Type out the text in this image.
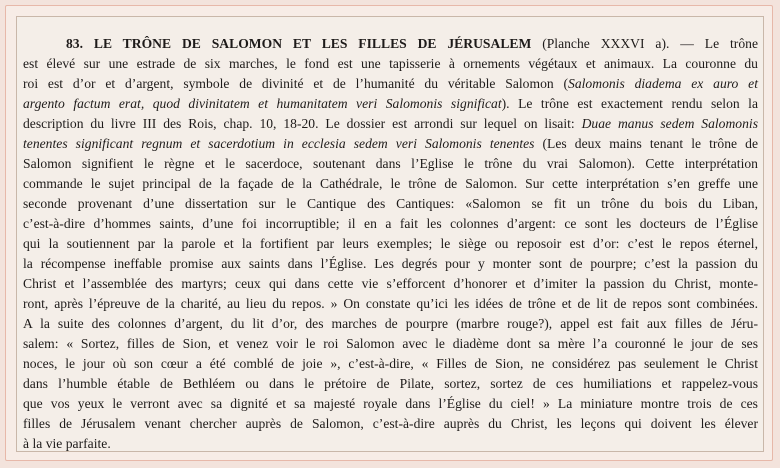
83. LE TRÔNE DE SALOMON ET LES FILLES DE JÉRUSALEM (Planche XXXVI a). — Le trône
est élevé sur une estrade de six marches, le fond est une tapisserie à ornements végétaux et animaux. La couronne du
roi est d’or et d’argent, symbole de divinité et de l’humanité du véritable Salomon (Salomonis diadema ex auro et
argento factum erat, quod divinitatem et humanitatem veri Salomonis significat). Le trône est exactement rendu selon la
description du livre III des Rois, chap. 10, 18-20. Le dossier est arrondi sur lequel on lisait: Duae manus sedem Salomonis
tenentes significant regnum et sacerdotium in ecclesia sedem veri Salomonis tenentes (Les deux mains tenant le trône de
Salomon signifient le règne et le sacerdoce, soutenant dans l’Eglise le trône du vrai Salomon). Cette interprétation
commande le sujet principal de la façade de la Cathédrale, le trône de Salomon. Sur cette interprétation s’en greffe une
seconde provenant d’une dissertation sur le Cantique des Cantiques: «Salomon se fit un trône du bois du Liban,
c’est-à-dire d’hommes saints, d’une foi incorruptible; il en a fait les colonnes d’argent: ce sont les docteurs de l’Église
qui la soutiennent par la parole et la fortifient par leurs exemples; le siège ou reposoir est d’or: c’est le repos éternel,
la récompense ineffable promise aux saints dans l’Église. Les degrés pour y monter sont de pourpre; c’est la passion du
Christ et l’assemblée des martyrs; ceux qui dans cette vie s’efforcent d’honorer et d’imiter la passion du Christ, monte-
ront, après l’épreuve de la charité, au lieu du repos. » On constate qu’ici les idées de trône et de lit de repos sont combinées.
A la suite des colonnes d’argent, du lit d’or, des marches de pourpre (marbre rouge?), appel est fait aux filles de Jéru-
salem: « Sortez, filles de Sion, et venez voir le roi Salomon avec le diadème dont sa mère l’a couronné le jour de ses
noces, le jour où son cœur a été comblé de joie », c’est-à-dire, « Filles de Sion, ne considérez pas seulement le Christ
dans l’humble étable de Bethléem ou dans le prétoire de Pilate, sortez, sortez de ces humiliations et rappelez-vous
que vos yeux le verront avec sa dignité et sa majesté royale dans l’Église du ciel! » La miniature montre trois de ces
filles de Jérusalem venant chercher auprès de Salomon, c’est-à-dire auprès du Christ, les leçons qui doivent les élever
à la vie parfaite.
